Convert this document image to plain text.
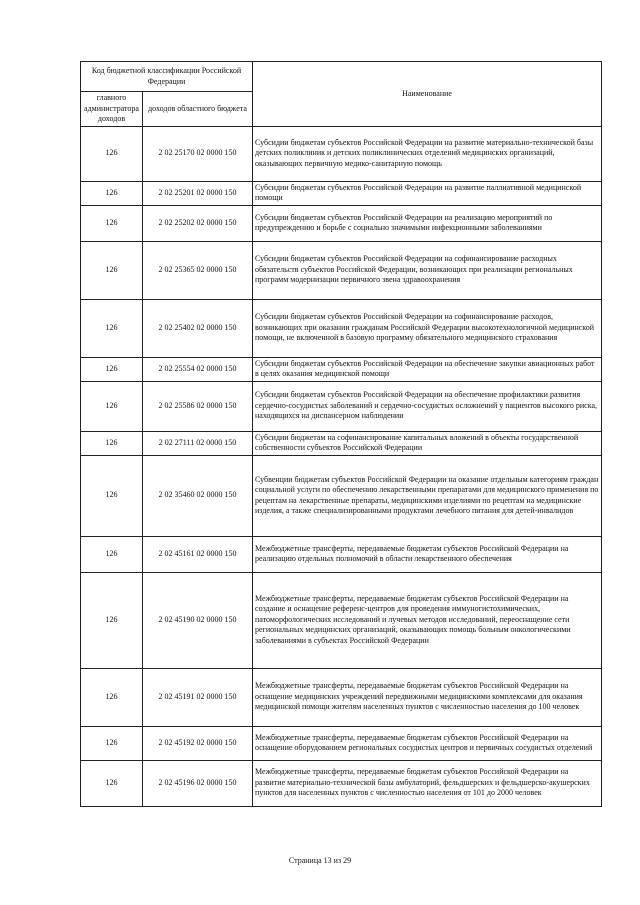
Код бюджетной классификации Российской Федерации		Наименование
главного администратора доходов	доходов областного бюджета	
126	2 02 25170 02 0000 150	Субсидии бюджетам субъектов Российской Федерации на развитие материально-технической базы детских поликлиник и детских поликлинических отделений медицинских организаций, оказывающих первичную медико-санитарную помощь
126	2 02 25201 02 0000 150	Субсидии бюджетам субъектов Российской Федерации на развитие паллиативной медицинской помощи
126	2 02 25202 02 0000 150	Субсидии бюджетам субъектов Российской Федерации на реализацию мероприятий по предупреждению и борьбе с социально значимыми инфекционными заболеваниями
126	2 02 25365 02 0000 150	Субсидии бюджетам субъектов Российской Федерации на софинансирование расходных обязательств субъектов Российской Федерации, возникающих при реализации региональных программ модернизации первичного звена здравоохранения
126	2 02 25402 02 0000 150	Субсидии бюджетам субъектов Российской Федерации на софинансирование расходов, возникающих при оказании гражданам Российской Федерации высокотехнологичной медицинской помощи, не включенной в базовую программу обязательного медицинского страхования
126	2 02 25554 02 0000 150	Субсидии бюджетам субъектов Российской Федерации на обеспечение закупки авиационных работ в целях оказания медицинской помощи
126	2 02 25586 02 0000 150	Субсидии бюджетам субъектов Российской Федерации на обеспечение профилактики развития сердечно-сосудистых заболеваний и сердечно-сосудистых осложнений у пациентов высокого риска, находящихся на диспансерном наблюдении
126	2 02 27111 02 0000 150	Субсидии бюджетам на софинансирование капитальных вложений в объекты государственной собственности субъектов Российской Федерации
126	2 02 35460 02 0000 150	Субвенции бюджетам субъектов Российской Федерации на оказание отдельным категориям граждан социальной услуги по обеспечению лекарственными препаратами для медицинского применения по рецептам на лекарственные препараты, медицинскими изделиями по рецептам на медицинские изделия, а также специализированными продуктами лечебного питания для детей-инвалидов
126	2 02 45161 02 0000 150	Межбюджетные трансферты, передаваемые бюджетам субъектов Российской Федерации на реализацию отдельных полномочий в области лекарственного обеспечения
126	2 02 45190 02 0000 150	Межбюджетные трансферты, передаваемые бюджетам субъектов Российской Федерации на создание и оснащение референс-центров для проведения иммуногистохимических, патоморфологических исследований и лучевых методов исследований, переоснащение сети региональных медицинских организаций, оказывающих помощь больным онкологическими заболеваниями в субъектах Российской Федерации
126	2 02 45191 02 0000 150	Межбюджетные трансферты, передаваемые бюджетам субъектов Российской Федерации на оснащение медицинских учреждений передвижными медицинскими комплексами для оказания медицинской помощи жителям населенных пунктов с численностью населения до 100 человек
126	2 02 45192 02 0000 150	Межбюджетные трансферты, передаваемые бюджетам субъектов Российской Федерации на оснащение оборудованием региональных сосудистых центров и первичных сосудистых отделений
126	2 02 45196 02 0000 150	Межбюджетные трансферты, передаваемые бюджетам субъектов Российской Федерации на развитие материально-технической базы амбулаторий, фельдшерских и фельдшерско-акушерских пунктов для населенных пунктов с численностью населения от 101 до 2000 человек
Страница 13 из 29
